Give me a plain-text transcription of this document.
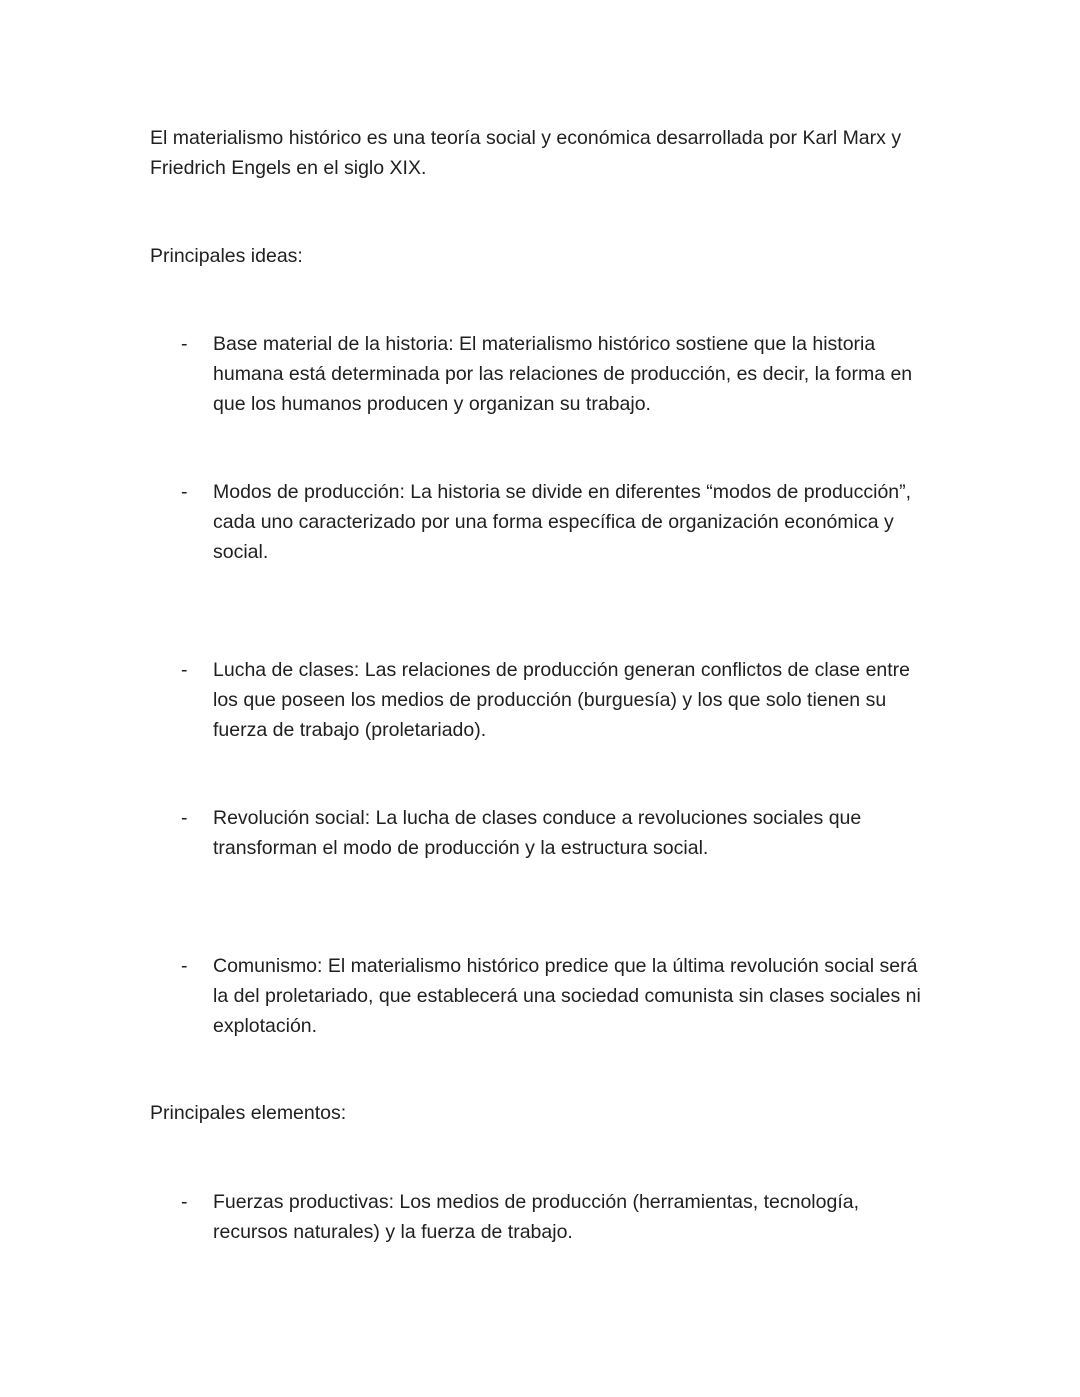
El materialismo histórico es una teoría social y económica desarrollada por Karl Marx y Friedrich Engels en el siglo XIX.

Principales ideas:

-	Base material de la historia: El materialismo histórico sostiene que la historia humana está determinada por las relaciones de producción, es decir, la forma en que los humanos producen y organizan su trabajo.
-	Modos de producción: La historia se divide en diferentes “modos de producción”, cada uno caracterizado por una forma específica de organización económica y social.
-	Lucha de clases: Las relaciones de producción generan conflictos de clase entre los que poseen los medios de producción (burguesía) y los que solo tienen su fuerza de trabajo (proletariado).
-	Revolución social: La lucha de clases conduce a revoluciones sociales que transforman el modo de producción y la estructura social.
-	Comunismo: El materialismo histórico predice que la última revolución social será la del proletariado, que establecerá una sociedad comunista sin clases sociales ni explotación.

Principales elementos:

-	Fuerzas productivas: Los medios de producción (herramientas, tecnología, recursos naturales) y la fuerza de trabajo.
